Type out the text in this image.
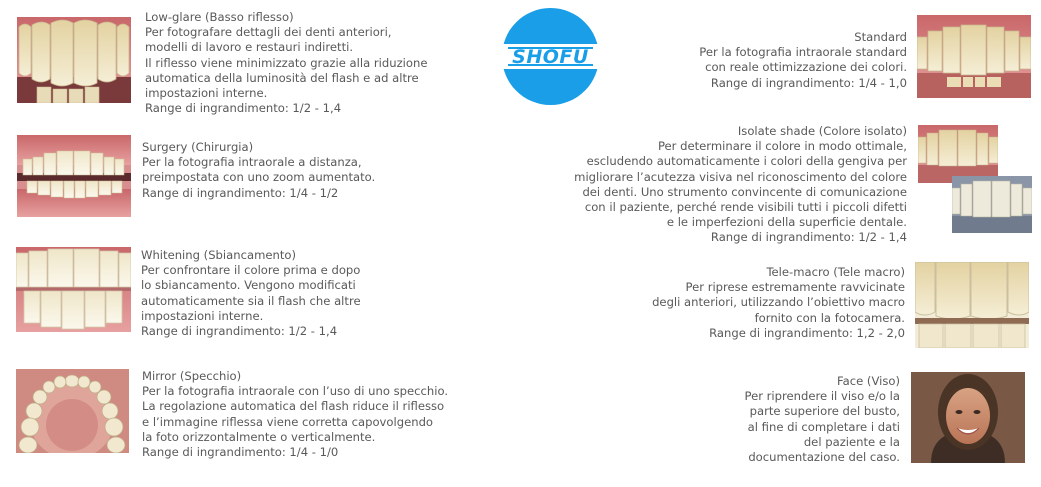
Low-glare (Basso riflesso)
Per fotografare dettagli dei denti anteriori,
modelli di lavoro e restauri indiretti.
Il riflesso viene minimizzato grazie alla riduzione
automatica della luminosità del flash e ad altre
impostazioni interne.
Range di ingrandimento: 1/2 - 1,4
Surgery (Chirurgia)
Per la fotografia intraorale a distanza,
preimpostata con uno zoom aumentato.
Range di ingrandimento: 1/4 - 1/2
Whitening (Sbiancamento)
Per confrontare il colore prima e dopo
lo sbiancamento. Vengono modificati
automaticamente sia il flash che altre
impostazioni interne.
Range di ingrandimento: 1/2 - 1,4
Mirror (Specchio)
Per la fotografia intraorale con l’uso di uno specchio.
La regolazione automatica del flash riduce il riflesso
e l’immagine riflessa viene corretta capovolgendo
la foto orizzontalmente o verticalmente.
Range di ingrandimento: 1/4 - 1/0
SHOFU
Standard
Per la fotografia intraorale standard
con reale ottimizzazione dei colori.
Range di ingrandimento: 1/4 - 1,0
Isolate shade (Colore isolato)
Per determinare il colore in modo ottimale,
escludendo automaticamente i colori della gengiva per
migliorare l’acutezza visiva nel riconoscimento del colore
dei denti. Uno strumento convincente di comunicazione
con il paziente, perché rende visibili tutti i piccoli difetti
e le imperfezioni della superficie dentale.
Range di ingrandimento: 1/2 - 1,4
Tele-macro (Tele macro)
Per riprese estremamente ravvicinate
degli anteriori, utilizzando l’obiettivo macro
fornito con la fotocamera.
Range di ingrandimento: 1,2 - 2,0
Face (Viso)
Per riprendere il viso e/o la
parte superiore del busto,
al fine di completare i dati
del paziente e la
documentazione del caso.
